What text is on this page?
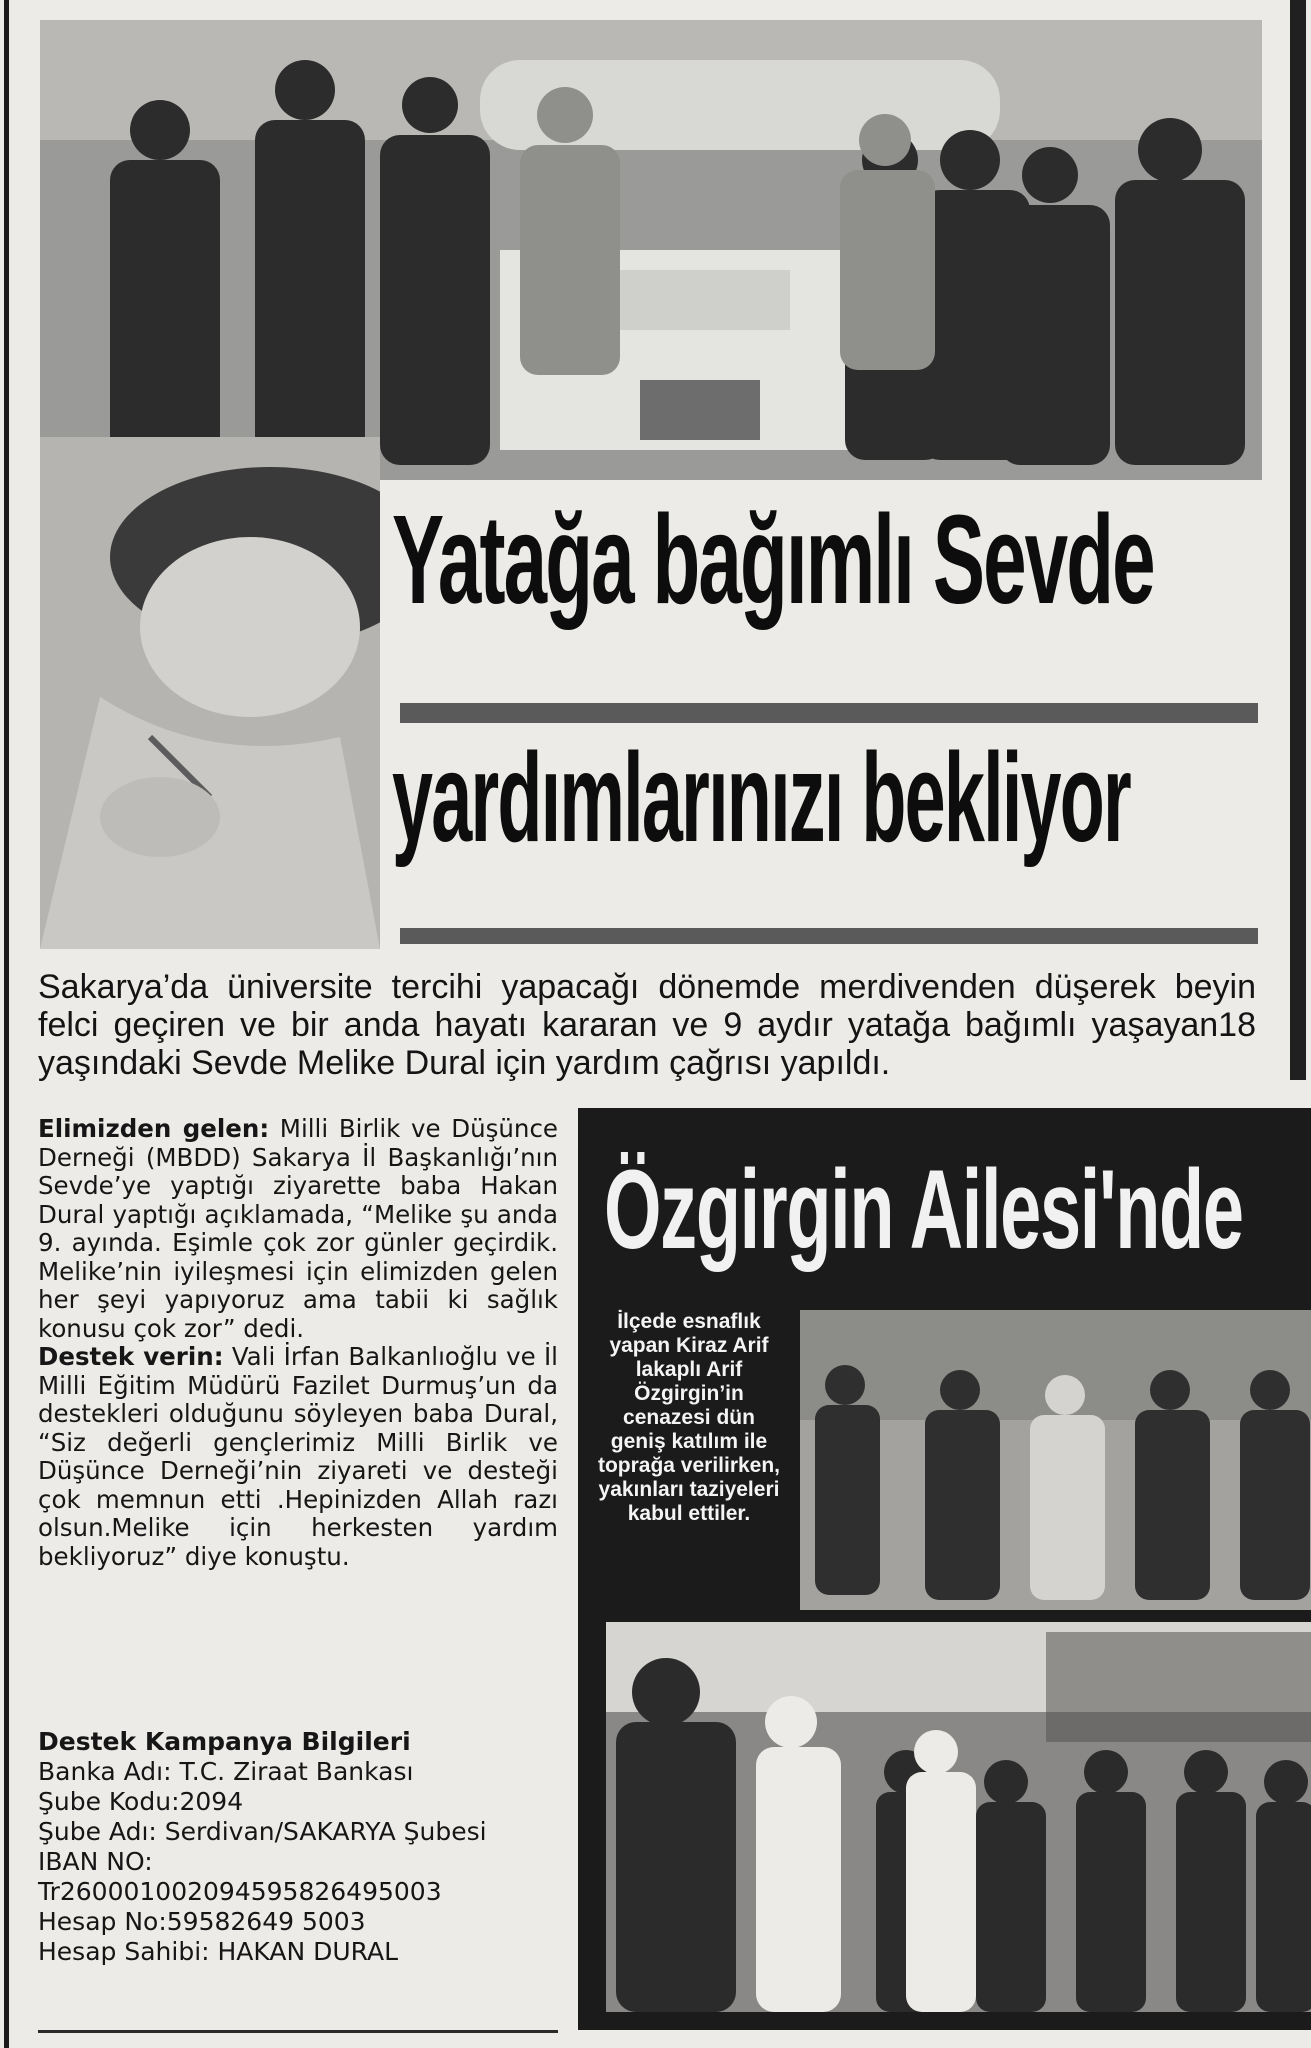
Yatağa bağımlı Sevde
yardımlarınızı bekliyor

Sakarya’da üniversite tercihi yapacağı dönemde merdivenden düşerek beyin felci geçiren ve bir anda hayatı kararan ve 9 aydır yatağa bağımlı yaşayan18 yaşındaki Sevde Melike Dural için yardım çağrısı yapıldı.

Elimizden gelen: Milli Birlik ve Düşünce Derneği (MBDD) Sakarya İl Başkanlığı’nın Sevde’ye yaptığı ziyarette baba Hakan Dural yaptığı açıklamada, “Melike şu anda 9. ayında. Eşimle çok zor günler geçirdik. Melike’nin iyileşmesi için elimizden gelen her şeyi yapıyoruz ama tabii ki sağlık konusu çok zor” dedi.
Destek verin: Vali İrfan Balkanlıoğlu ve İl Milli Eğitim Müdürü Fazilet Durmuş’un da destekleri olduğunu söyleyen baba Dural, “Siz değerli gençlerimiz Milli Birlik ve Düşünce Derneği’nin ziyareti ve desteği çok memnun etti .Hepinizden Allah razı olsun.Melike için herkesten yardım bekliyoruz” diye konuştu.
Destek Kampanya Bilgileri
Banka Adı: T.C. Ziraat Bankası
Şube Kodu:2094
Şube Adı: Serdivan/SAKARYA Şubesi
IBAN NO:
Tr260001002094595826495003
Hesap No:59582649 5003
Hesap Sahibi: HAKAN DURAL
Özgirgin Ailesi'nde

İlçede esnaflık yapan Kiraz Arif lakaplı Arif Özgirgin’in cenazesi dün geniş katılım ile toprağa verilirken, yakınları taziyeleri kabul ettiler.
